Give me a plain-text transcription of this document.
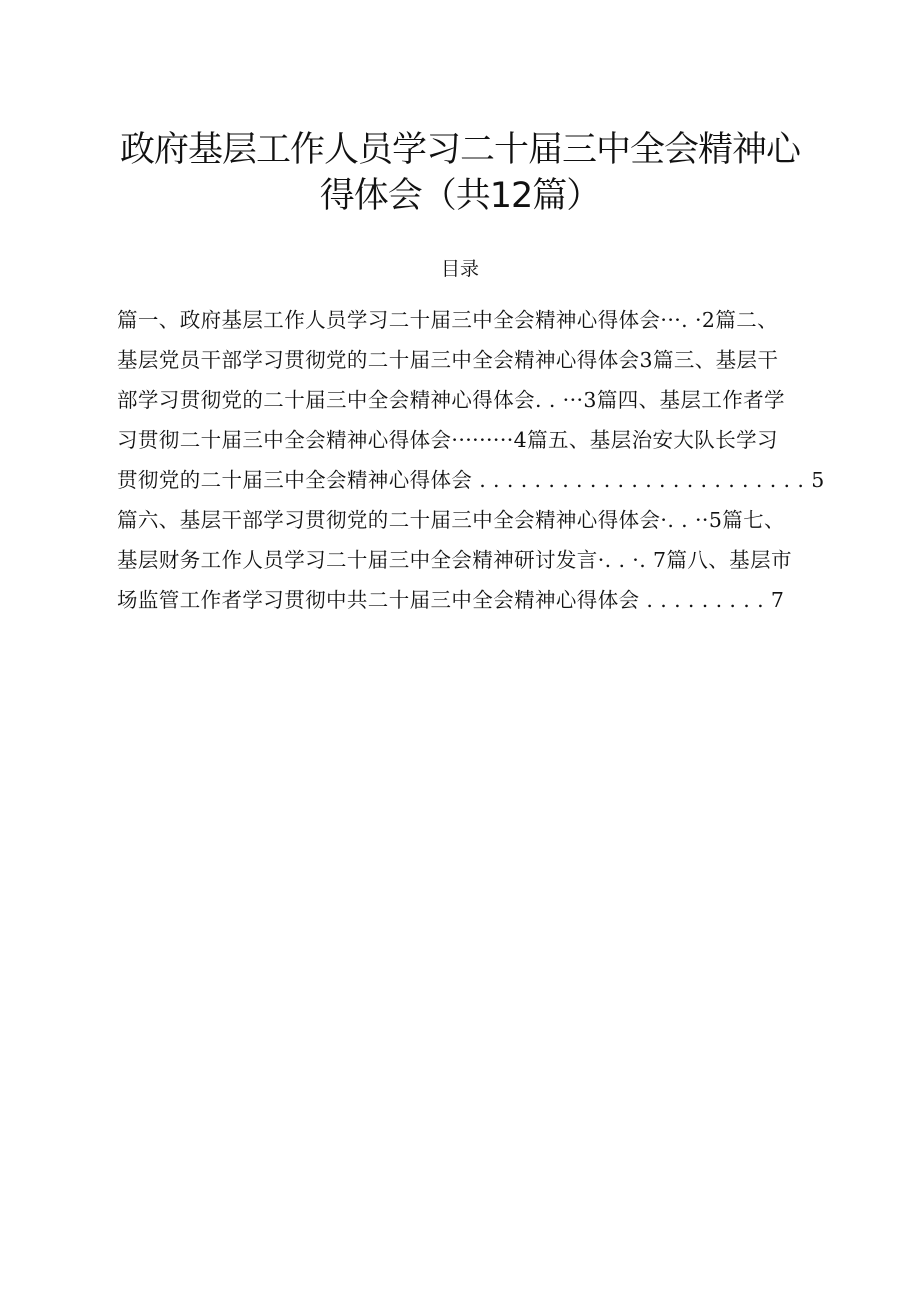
政府基层工作人员学习二十届三中全会精神心
得体会（共12篇）
目录
篇一、政府基层工作人员学习二十届三中全会精神心得体会···. ·2篇二、
基层党员干部学习贯彻党的二十届三中全会精神心得体会3篇三、基层干
部学习贯彻党的二十届三中全会精神心得体会. . ···3篇四、基层工作者学
习贯彻二十届三中全会精神心得体会·········4篇五、基层治安大队长学习
贯彻党的二十届三中全会精神心得体会 . . . . . . . . . . . . . . . . . . . . . . . . 5
篇六、基层干部学习贯彻党的二十届三中全会精神心得体会·. . ··5篇七、
基层财务工作人员学习二十届三中全会精神研讨发言·. . ·. 7篇八、基层市
场监管工作者学习贯彻中共二十届三中全会精神心得体会 . . . . . . . . . 7
